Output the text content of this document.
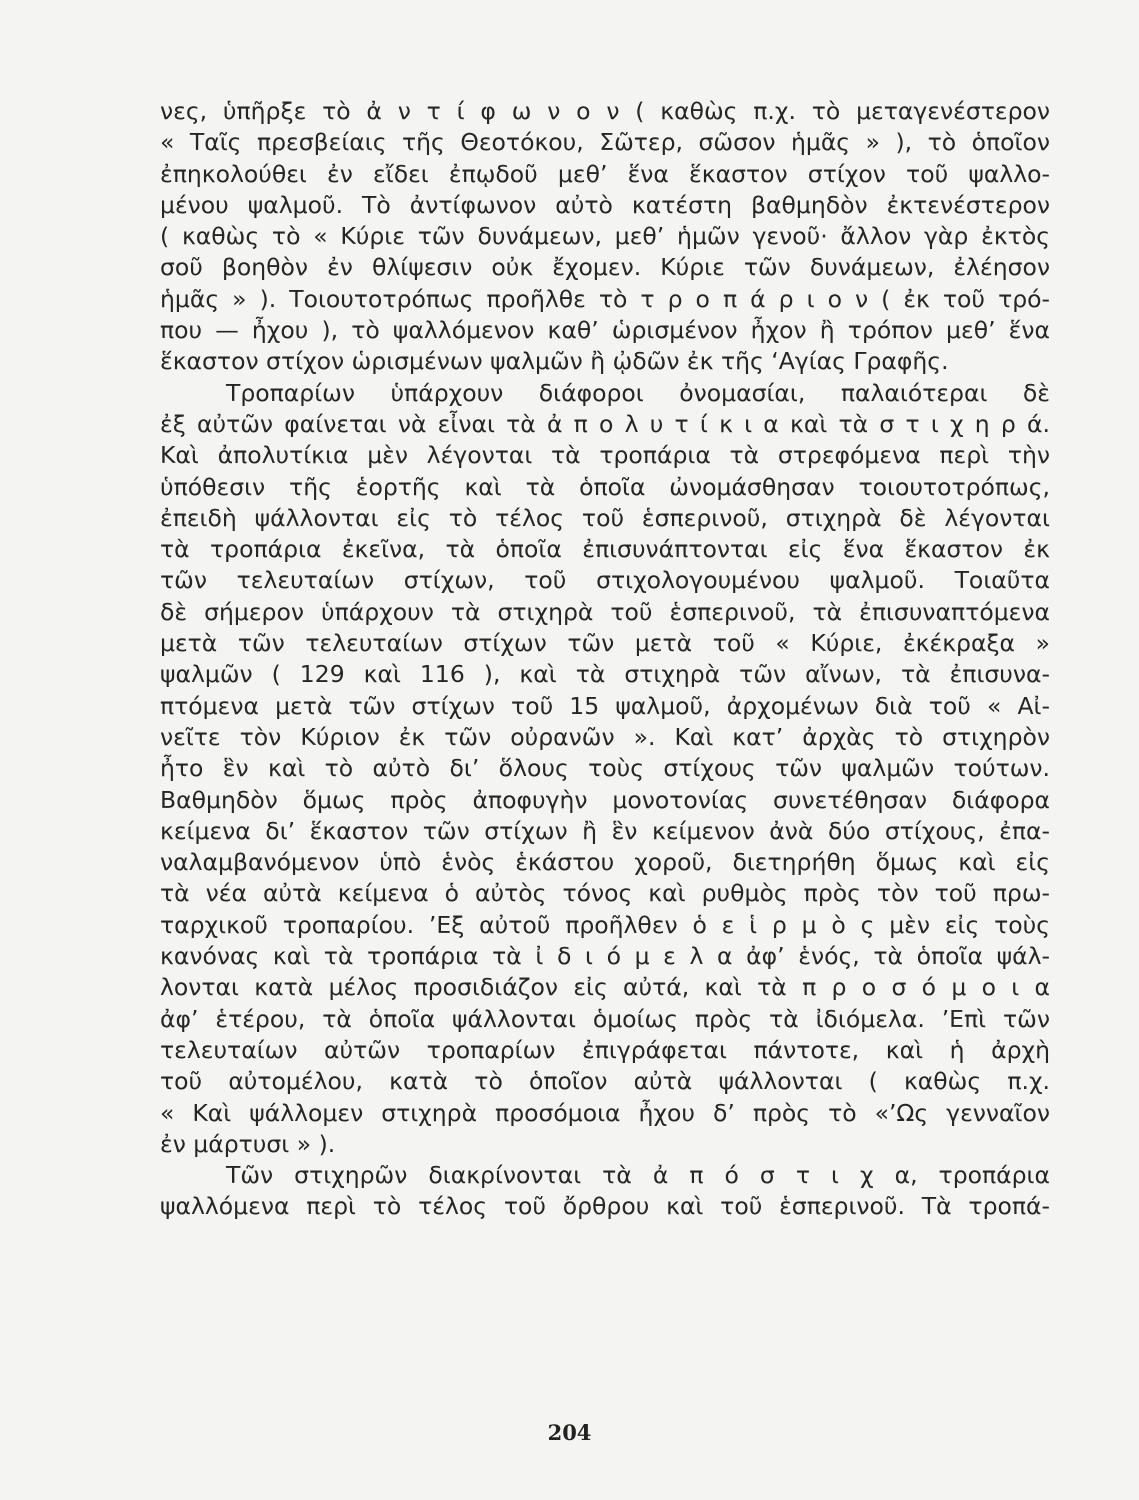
νες, ὑπῆρξε τὸ ἀ ν τ ί φ ω ν ο ν ( καθὼς π.χ. τὸ μεταγενέστερον
« Ταῖς πρεσβείαις τῆς Θεοτόκου, Σῶτερ, σῶσον ἡμᾶς » ), τὸ ὁποῖον
ἐπηκολούθει ἐν εἴδει ἐπῳδοῦ μεθ’ ἕνα ἕκαστον στίχον τοῦ ψαλλο-
μένου ψαλμοῦ. Τὸ ἀντίφωνον αὐτὸ κατέστη βαθμηδὸν ἐκτενέστερον
( καθὼς τὸ « Κύριε τῶν δυνάμεων, μεθ’ ἡμῶν γενοῦ· ἄλλον γὰρ ἐκτὸς
σοῦ βοηθὸν ἐν θλίψεσιν οὐκ ἔχομεν. Κύριε τῶν δυνάμεων, ἐλέησον
ἡμᾶς » ). Τοιουτοτρόπως προῆλθε τὸ τ ρ ο π ά ρ ι ο ν ( ἐκ τοῦ τρό-
που — ἦχου ), τὸ ψαλλόμενον καθ’ ὡρισμένον ἦχον ἢ τρόπον μεθ’ ἕνα
ἕκαστον στίχον ὡρισμένων ψαλμῶν ἢ ᾠδῶν ἐκ τῆς ‘Αγίας Γραφῆς.
Τροπαρίων ὑπάρχουν διάφοροι ὀνομασίαι, παλαιότεραι δὲ
ἐξ αὐτῶν φαίνεται νὰ εἶναι τὰ ἀ π ο λ υ τ ί κ ι α καὶ τὰ σ τ ι χ η ρ ά.
Καὶ ἀπολυτίκια μὲν λέγονται τὰ τροπάρια τὰ στρεφόμενα περὶ τὴν
ὑπόθεσιν τῆς ἑορτῆς καὶ τὰ ὁποῖα ὠνομάσθησαν τοιουτοτρόπως,
ἐπειδὴ ψάλλονται εἰς τὸ τέλος τοῦ ἑσπερινοῦ, στιχηρὰ δὲ λέγονται
τὰ τροπάρια ἐκεῖνα, τὰ ὁποῖα ἐπισυνάπτονται εἰς ἕνα ἕκαστον ἐκ
τῶν τελευταίων στίχων, τοῦ στιχολογουμένου ψαλμοῦ. Τοιαῦτα
δὲ σήμερον ὑπάρχουν τὰ στιχηρὰ τοῦ ἑσπερινοῦ, τὰ ἐπισυναπτόμενα
μετὰ τῶν τελευταίων στίχων τῶν μετὰ τοῦ « Κύριε, ἐκέκραξα »
ψαλμῶν ( 129 καὶ 116 ), καὶ τὰ στιχηρὰ τῶν αἴνων, τὰ ἐπισυνα-
πτόμενα μετὰ τῶν στίχων τοῦ 15 ψαλμοῦ, ἀρχομένων διὰ τοῦ « Αἰ-
νεῖτε τὸν Κύριον ἐκ τῶν οὐρανῶν ». Καὶ κατ’ ἀρχὰς τὸ στιχηρὸν
ἦτο ἓν καὶ τὸ αὐτὸ δι’ ὅλους τοὺς στίχους τῶν ψαλμῶν τούτων.
Βαθμηδὸν ὅμως πρὸς ἀποφυγὴν μονοτονίας συνετέθησαν διάφορα
κείμενα δι’ ἕκαστον τῶν στίχων ἢ ἓν κείμενον ἀνὰ δύο στίχους, ἐπα-
ναλαμβανόμενον ὑπὸ ἑνὸς ἑκάστου χοροῦ, διετηρήθη ὅμως καὶ εἰς
τὰ νέα αὐτὰ κείμενα ὁ αὐτὸς τόνος καὶ ρυθμὸς πρὸς τὸν τοῦ πρω-
ταρχικοῦ τροπαρίου. ’Εξ αὐτοῦ προῆλθεν ὁ ε ἱ ρ μ ὸ ς μὲν εἰς τοὺς
κανόνας καὶ τὰ τροπάρια τὰ ἰ δ ι ό μ ε λ α ἀφ’ ἑνός, τὰ ὁποῖα ψάλ-
λονται κατὰ μέλος προσιδιάζον εἰς αὐτά, καὶ τὰ π ρ ο σ ό μ ο ι α
ἀφ’ ἑτέρου, τὰ ὁποῖα ψάλλονται ὁμοίως πρὸς τὰ ἰδιόμελα. ’Επὶ τῶν
τελευταίων αὐτῶν τροπαρίων ἐπιγράφεται πάντοτε, καὶ ἡ ἀρχὴ
τοῦ αὐτομέλου, κατὰ τὸ ὁποῖον αὐτὰ ψάλλονται ( καθὼς π.χ.
« Καὶ ψάλλομεν στιχηρὰ προσόμοια ἦχου δ’ πρὸς τὸ «’Ως γενναῖον
ἐν μάρτυσι » ).
Τῶν στιχηρῶν διακρίνονται τὰ ἀ π ό σ τ ι χ α, τροπάρια
ψαλλόμενα περὶ τὸ τέλος τοῦ ὄρθρου καὶ τοῦ ἑσπερινοῦ. Τὰ τροπά-
204
